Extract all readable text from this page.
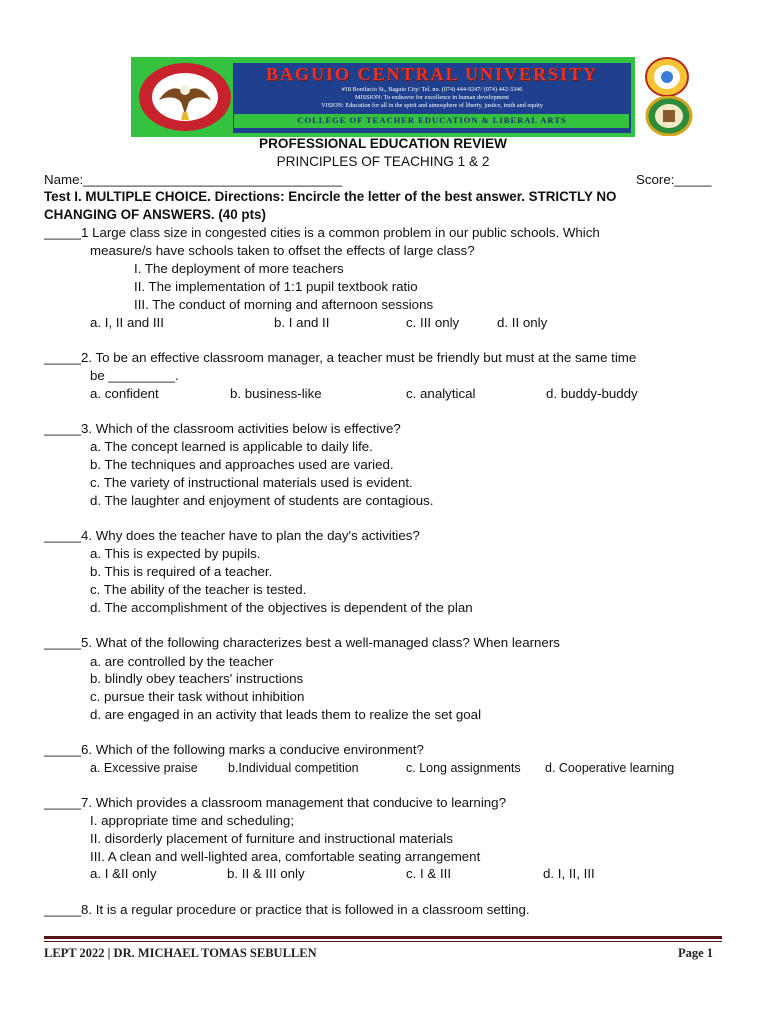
BAGUIO CENTRAL UNIVERSITY
#18 Bonifacio St., Baguio City/ Tel. no. (074) 444-9247/ (074) 442-3346
MISSION: To endeavor for excellence in human development
VISION: Education for all in the spirit and atmosphere of liberty, justice, truth and equity
COLLEGE OF TEACHER EDUCATION & LIBERAL ARTS
PROFESSIONAL EDUCATION REVIEW
PRINCIPLES OF TEACHING 1 & 2
Name:___________________________________	Score:_____
Test I. MULTIPLE CHOICE. Directions: Encircle the letter of the best answer. STRICTLY NO
CHANGING OF ANSWERS. (40 pts)
_____1 Large class size in congested cities is a common problem in our public schools. Which
measure/s have schools taken to offset the effects of large class?
I. The deployment of more teachers
II. The implementation of 1:1 pupil textbook ratio
III. The conduct of morning and afternoon sessions
a. I, II and III	b. I and II	c. III only	d. II only
_____2. To be an effective classroom manager, a teacher must be friendly but must at the same time
be _________.
a. confident	b. business-like	c. analytical	d. buddy-buddy
_____3. Which of the classroom activities below is effective?
a. The concept learned is applicable to daily life.
b. The techniques and approaches used are varied.
c. The variety of instructional materials used is evident.
d. The laughter and enjoyment of students are contagious.
_____4. Why does the teacher have to plan the day's activities?
a. This is expected by pupils.
b. This is required of a teacher.
c. The ability of the teacher is tested.
d. The accomplishment of the objectives is dependent of the plan
_____5. What of the following characterizes best a well-managed class? When learners
a. are controlled by the teacher
b. blindly obey teachers' instructions
c. pursue their task without inhibition
d. are engaged in an activity that leads them to realize the set goal
_____6. Which of the following marks a conducive environment?
a. Excessive praise b.Individual competition	c. Long assignments d. Cooperative learning
_____7. Which provides a classroom management that conducive to learning?
I. appropriate time and scheduling;
II. disorderly placement of furniture and instructional materials
III. A clean and well-lighted area, comfortable seating arrangement
a. I &II only	b. II & III only	c. I & III	d. I, II, III
_____8. It is a regular procedure or practice that is followed in a classroom setting.
LEPT 2022 | DR. MICHAEL TOMAS SEBULLEN	Page 1
